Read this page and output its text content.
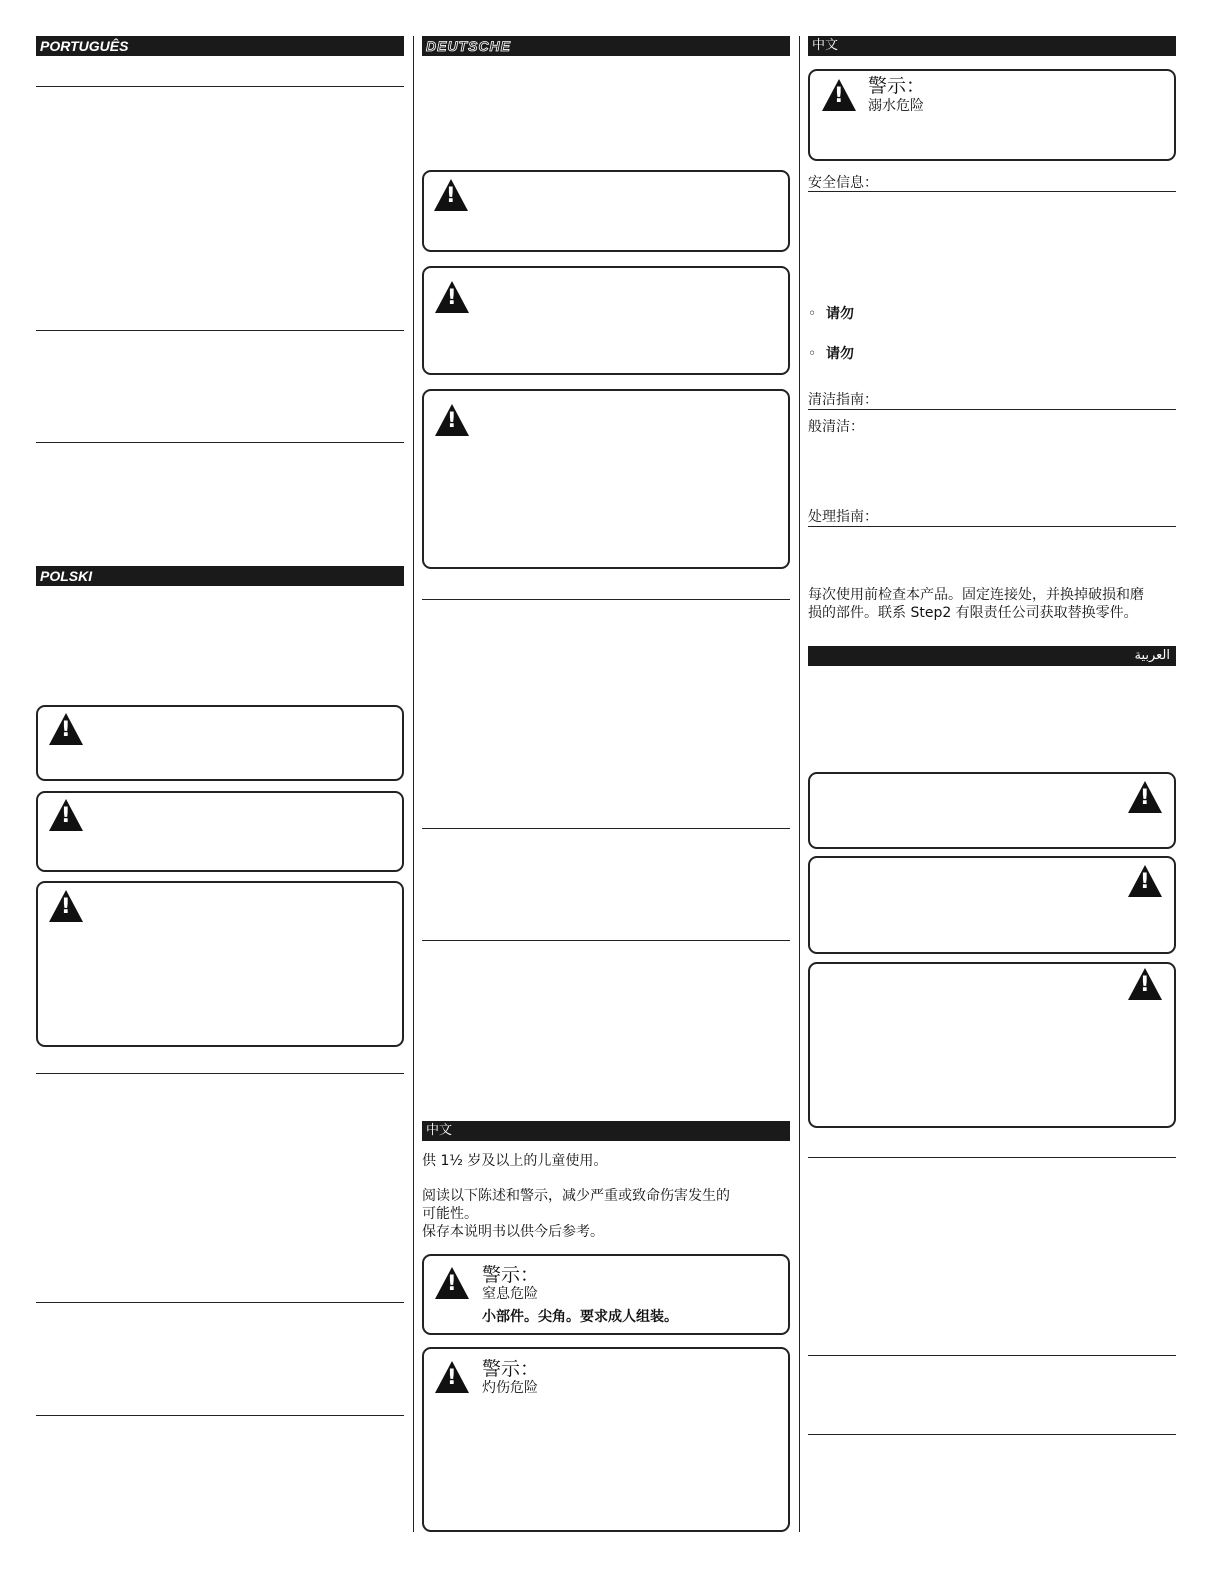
PORTUGUÊS
POLSKI
!
!
!
DEUTSCHE
!
!
!
中文
供 1½ 岁及以上的儿童使用。
阅读以下陈述和警示，减少严重或致命伤害发生的
可能性。
保存本说明书以供今后参考。
!
警示：
窒息危险
小部件。尖角。要求成人组装。
!
警示：
灼伤危险
中文
!
警示：
溺水危险
安全信息：
◦ 请勿
◦ 请勿
清洁指南：
般清洁：
处理指南：
每次使用前检查本产品。固定连接处，并换掉破损和磨
损的部件。联系 Step2 有限责任公司获取替换零件。
العربية
!
!
!
